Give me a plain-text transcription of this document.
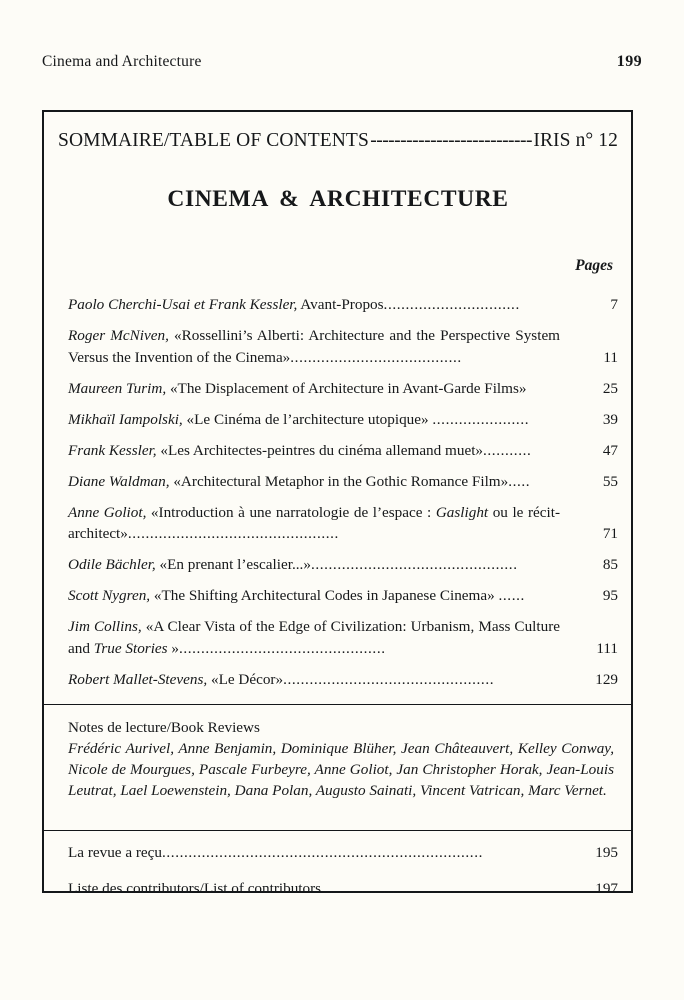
Cinema and Architecture	199
SOMMAIRE/TABLE OF CONTENTS --------------------------- IRIS n° 12
CINEMA & ARCHITECTURE
Pages
Paolo Cherchi-Usai et Frank Kessler, Avant-Propos...............................	7
Roger McNiven, «Rossellini’s Alberti: Architecture and the Perspective System Versus the Invention of the Cinema».......................................	11
Maureen Turim, «The Displacement of Architecture in Avant-Garde Films»	25
Mikhaïl Iampolski, «Le Cinéma de l’architecture utopique» ......................	39
Frank Kessler, «Les Architectes-peintres du cinéma allemand muet»...........	47
Diane Waldman, «Architectural Metaphor in the Gothic Romance Film».....	55
Anne Goliot, «Introduction à une narratologie de l’espace : Gaslight ou le récit-architect»................................................	71
Odile Bächler, «En prenant l’escalier...»...............................................	85
Scott Nygren, «The Shifting Architectural Codes in Japanese Cinema» ......	95
Jim Collins, «A Clear Vista of the Edge of Civilization: Urbanism, Mass Culture and True Stories »...............................................	111
Robert Mallet-Stevens, «Le Décor»................................................	129
Notes de lecture/Book Reviews
Frédéric Aurivel, Anne Benjamin, Dominique Blüher, Jean Châteauvert, Kelley Conway, Nicole de Mourgues, Pascale Furbeyre, Anne Goliot, Jan Christopher Horak, Jean-Louis Leutrat, Lael Loewenstein, Dana Polan, Augusto Sainati, Vincent Vatrican, Marc Vernet.
La revue a reçu.........................................................................	195
Liste des contributors/List of contributors.........................................	197
